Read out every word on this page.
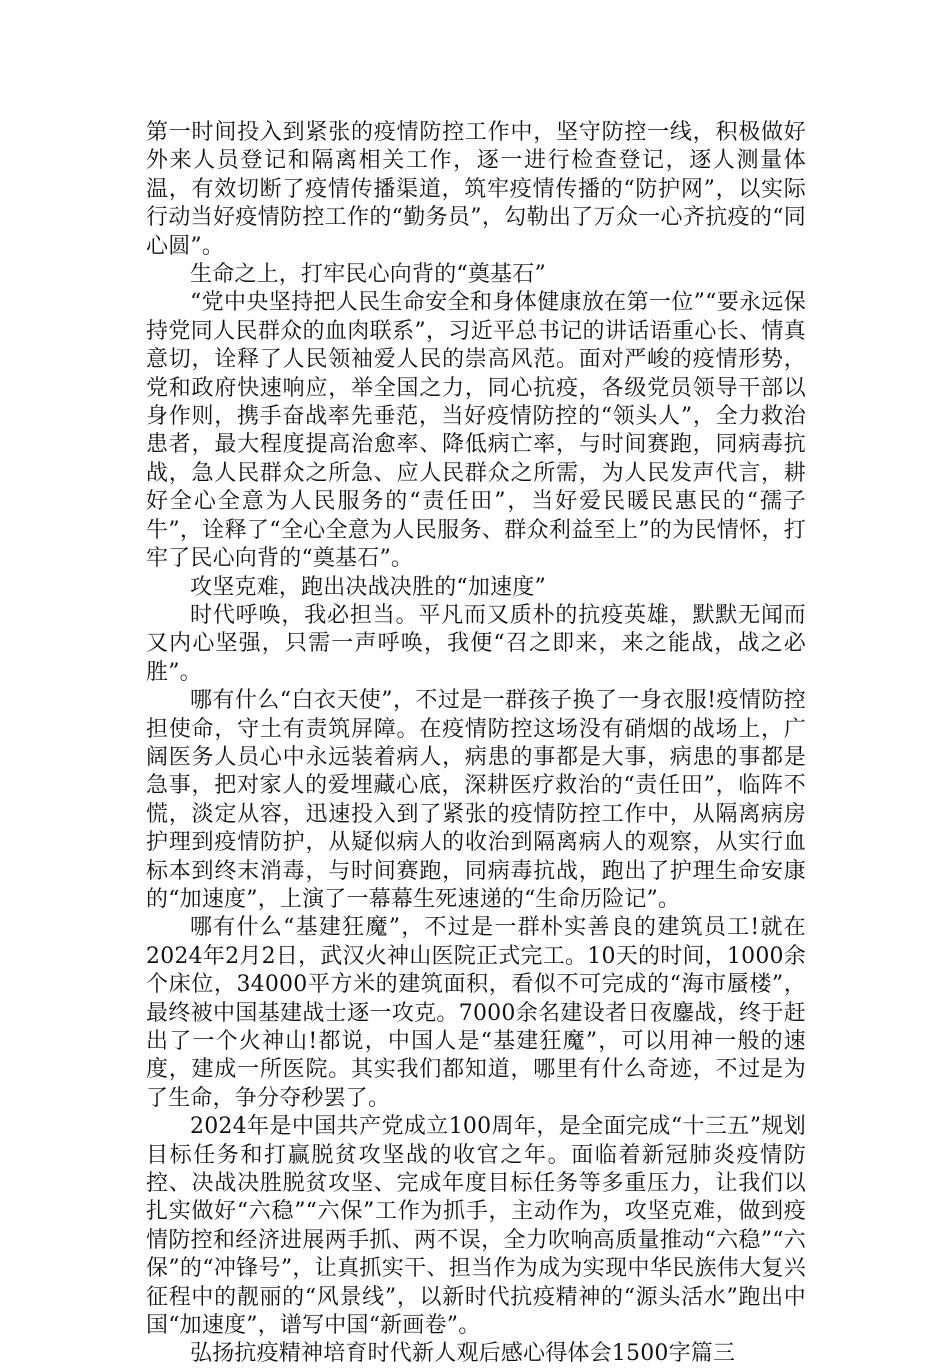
第一时间投入到紧张的疫情防控工作中，坚守防控一线，积极做好外来人员登记和隔离相关工作，逐一进行检查登记，逐人测量体温，有效切断了疫情传播渠道，筑牢疫情传播的“防护网”，以实际行动当好疫情防控工作的“勤务员”，勾勒出了万众一心齐抗疫的“同心圆”。

生命之上，打牢民心向背的“奠基石”

“党中央坚持把人民生命安全和身体健康放在第一位”“要永远保持党同人民群众的血肉联系”，习近平总书记的讲话语重心长、情真意切，诠释了人民领袖爱人民的崇高风范。面对严峻的疫情形势，党和政府快速响应，举全国之力，同心抗疫，各级党员领导干部以身作则，携手奋战率先垂范，当好疫情防控的“领头人”，全力救治患者，最大程度提高治愈率、降低病亡率，与时间赛跑，同病毒抗战，急人民群众之所急、应人民群众之所需，为人民发声代言，耕好全心全意为人民服务的“责任田”，当好爱民暖民惠民的“孺子牛”，诠释了“全心全意为人民服务、群众利益至上”的为民情怀，打牢了民心向背的“奠基石”。

攻坚克难，跑出决战决胜的“加速度”

时代呼唤，我必担当。平凡而又质朴的抗疫英雄，默默无闻而又内心坚强，只需一声呼唤，我便“召之即来，来之能战，战之必胜”。

哪有什么“白衣天使”，不过是一群孩子换了一身衣服!疫情防控担使命，守土有责筑屏障。在疫情防控这场没有硝烟的战场上，广阔医务人员心中永远装着病人，病患的事都是大事，病患的事都是急事，把对家人的爱埋藏心底，深耕医疗救治的“责任田”，临阵不慌，淡定从容，迅速投入到了紧张的疫情防控工作中，从隔离病房护理到疫情防护，从疑似病人的收治到隔离病人的观察，从实行血标本到终末消毒，与时间赛跑，同病毒抗战，跑出了护理生命安康的“加速度”，上演了一幕幕生死速递的“生命历险记”。

哪有什么“基建狂魔”，不过是一群朴实善良的建筑员工!就在2024年2月2日，武汉火神山医院正式完工。10天的时间，1000余个床位，34000平方米的建筑面积，看似不可完成的“海市蜃楼”，最终被中国基建战士逐一攻克。7000余名建设者日夜鏖战，终于赶出了一个火神山!都说，中国人是“基建狂魔”，可以用神一般的速度，建成一所医院。其实我们都知道，哪里有什么奇迹，不过是为了生命，争分夺秒罢了。

2024年是中国共产党成立100周年，是全面完成“十三五”规划目标任务和打赢脱贫攻坚战的收官之年。面临着新冠肺炎疫情防控、决战决胜脱贫攻坚、完成年度目标任务等多重压力，让我们以扎实做好“六稳”“六保”工作为抓手，主动作为，攻坚克难，做到疫情防控和经济进展两手抓、两不误，全力吹响高质量推动“六稳”“六保”的“冲锋号”，让真抓实干、担当作为成为实现中华民族伟大复兴征程中的靓丽的“风景线”，以新时代抗疫精神的“源头活水”跑出中国“加速度”，谱写中国“新画卷”。

弘扬抗疫精神培育时代新人观后感心得体会1500字篇三
